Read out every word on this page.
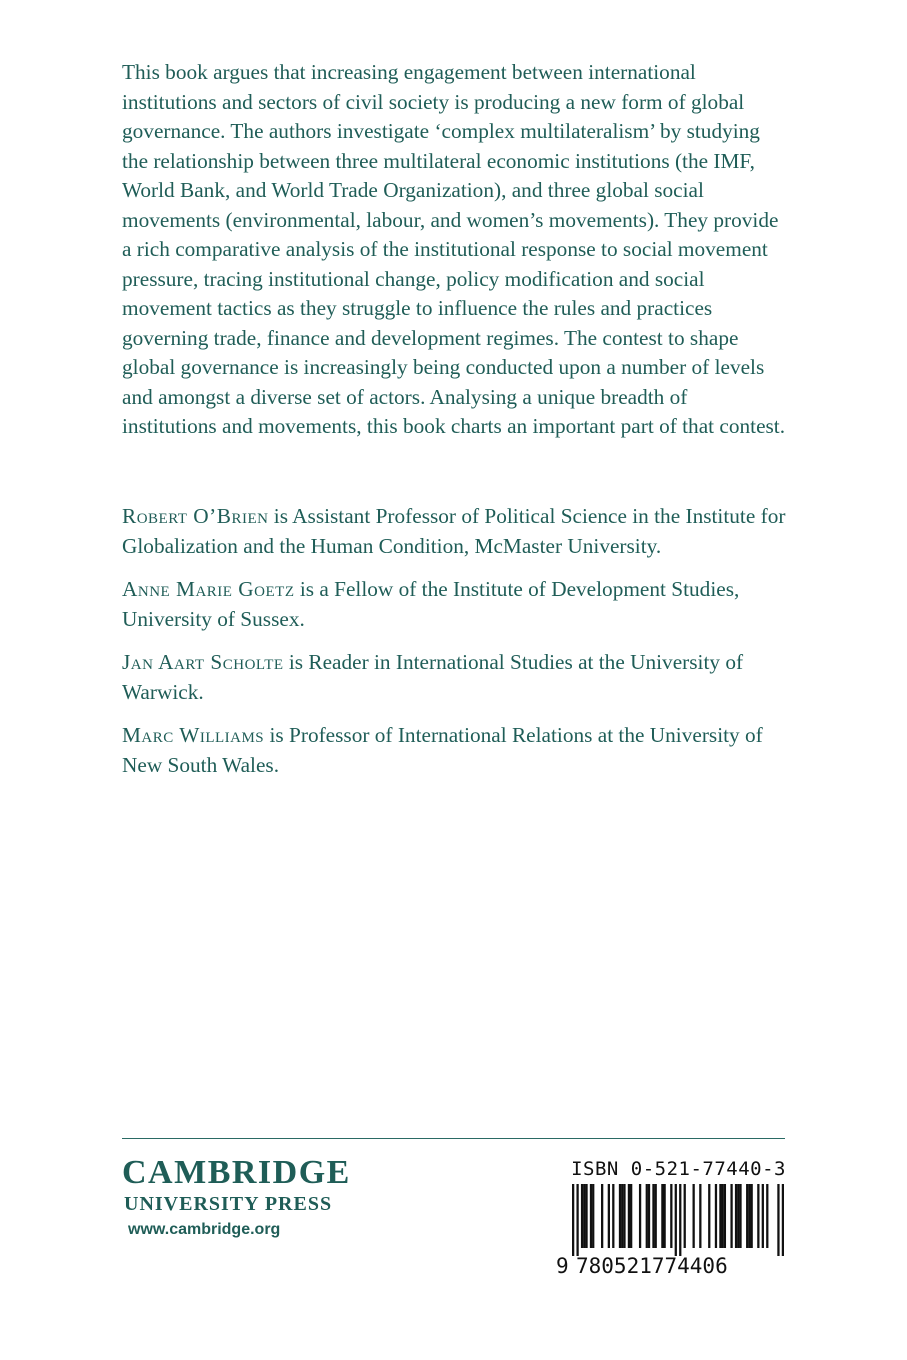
This book argues that increasing engagement between international institutions and sectors of civil society is producing a new form of global governance. The authors investigate ‘complex multilateralism’ by studying the relationship between three multilateral economic institutions (the IMF, World Bank, and World Trade Organization), and three global social movements (environmental, labour, and women’s movements). They provide a rich comparative analysis of the institutional response to social movement pressure, tracing institutional change, policy modification and social movement tactics as they struggle to influence the rules and practices governing trade, finance and development regimes. The contest to shape global governance is increasingly being conducted upon a number of levels and amongst a diverse set of actors. Analysing a unique breadth of institutions and movements, this book charts an important part of that contest.

Robert O’Brien is Assistant Professor of Political Science in the Institute for Globalization and the Human Condition, McMaster University.

Anne Marie Goetz is a Fellow of the Institute of Development Studies, University of Sussex.

Jan Aart Scholte is Reader in International Studies at the University of Warwick.

Marc Williams is Professor of International Relations at the University of New South Wales.

CAMBRIDGE

UNIVERSITY PRESS

www.cambridge.org

ISBN 0-521-77440-3
9 780521774406
